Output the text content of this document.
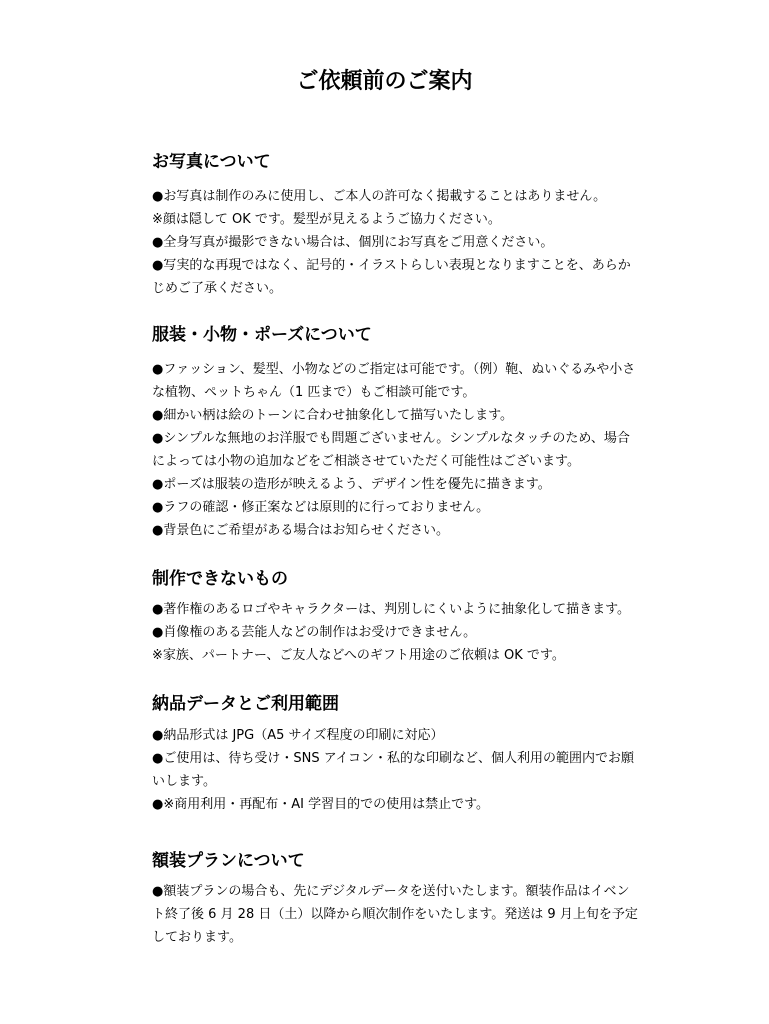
ご依頼前のご案内
お写真について

●お写真は制作のみに使用し、ご本人の許可なく掲載することはありません。

※顔は隠して OK です。髪型が見えるようご協力ください。

●全身写真が撮影できない場合は、個別にお写真をご用意ください。

●写実的な再現ではなく、記号的・イラストらしい表現となりますことを、あらかじめご了承ください。

服装・小物・ポーズについて

●ファッション、髪型、小物などのご指定は可能です。（例）鞄、ぬいぐるみや小さな植物、ペットちゃん（1 匹まで）もご相談可能です。

●細かい柄は絵のトーンに合わせ抽象化して描写いたします。

●シンプルな無地のお洋服でも問題ございません。シンプルなタッチのため、場合によっては小物の追加などをご相談させていただく可能性はございます。

●ポーズは服装の造形が映えるよう、デザイン性を優先に描きます。

●ラフの確認・修正案などは原則的に行っておりません。

●背景色にご希望がある場合はお知らせください。

制作できないもの

●著作権のあるロゴやキャラクターは、判別しにくいように抽象化して描きます。

●肖像権のある芸能人などの制作はお受けできません。

※家族、パートナー、ご友人などへのギフト用途のご依頼は OK です。

納品データとご利用範囲

●納品形式は JPG（A5 サイズ程度の印刷に対応）

●ご使用は、待ち受け・SNS アイコン・私的な印刷など、個人利用の範囲内でお願いします。

●※商用利用・再配布・AI 学習目的での使用は禁止です。

額装プランについて

●額装プランの場合も、先にデジタルデータを送付いたします。額装作品はイベント終了後 6 月 28 日（土）以降から順次制作をいたします。発送は 9 月上旬を予定しております。
